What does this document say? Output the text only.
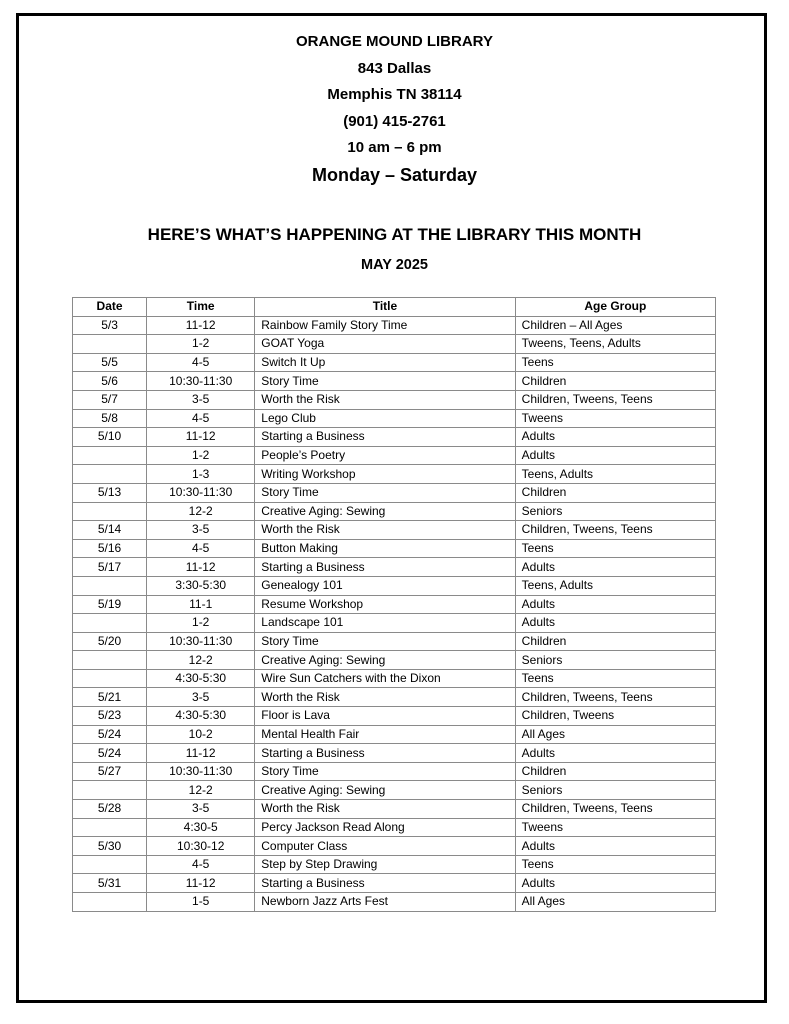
ORANGE MOUND LIBRARY
843 Dallas
Memphis TN 38114
(901) 415-2761
10 am – 6 pm
Monday – Saturday
HERE’S WHAT’S HAPPENING AT THE LIBRARY THIS MONTH
MAY 2025
Date	Time	Title	Age Group
5/3	11-12	Rainbow Family Story Time	Children – All Ages
	1-2	GOAT Yoga	Tweens, Teens, Adults
5/5	4-5	Switch It Up	Teens
5/6	10:30-11:30	Story Time	Children
5/7	3-5	Worth the Risk	Children, Tweens, Teens
5/8	4-5	Lego Club	Tweens
5/10	11-12	Starting a Business	Adults
	1-2	People’s Poetry	Adults
	1-3	Writing Workshop	Teens, Adults
5/13	10:30-11:30	Story Time	Children
	12-2	Creative Aging: Sewing	Seniors
5/14	3-5	Worth the Risk	Children, Tweens, Teens
5/16	4-5	Button Making	Teens
5/17	11-12	Starting a Business	Adults
	3:30-5:30	Genealogy 101	Teens, Adults
5/19	11-1	Resume Workshop	Adults
	1-2	Landscape 101	Adults
5/20	10:30-11:30	Story Time	Children
	12-2	Creative Aging: Sewing	Seniors
	4:30-5:30	Wire Sun Catchers with the Dixon	Teens
5/21	3-5	Worth the Risk	Children, Tweens, Teens
5/23	4:30-5:30	Floor is Lava	Children, Tweens
5/24	10-2	Mental Health Fair	All Ages
5/24	11-12	Starting a Business	Adults
5/27	10:30-11:30	Story Time	Children
	12-2	Creative Aging: Sewing	Seniors
5/28	3-5	Worth the Risk	Children, Tweens, Teens
	4:30-5	Percy Jackson Read Along	Tweens
5/30	10:30-12	Computer Class	Adults
	4-5	Step by Step Drawing	Teens
5/31	11-12	Starting a Business	Adults
	1-5	Newborn Jazz Arts Fest	All Ages
